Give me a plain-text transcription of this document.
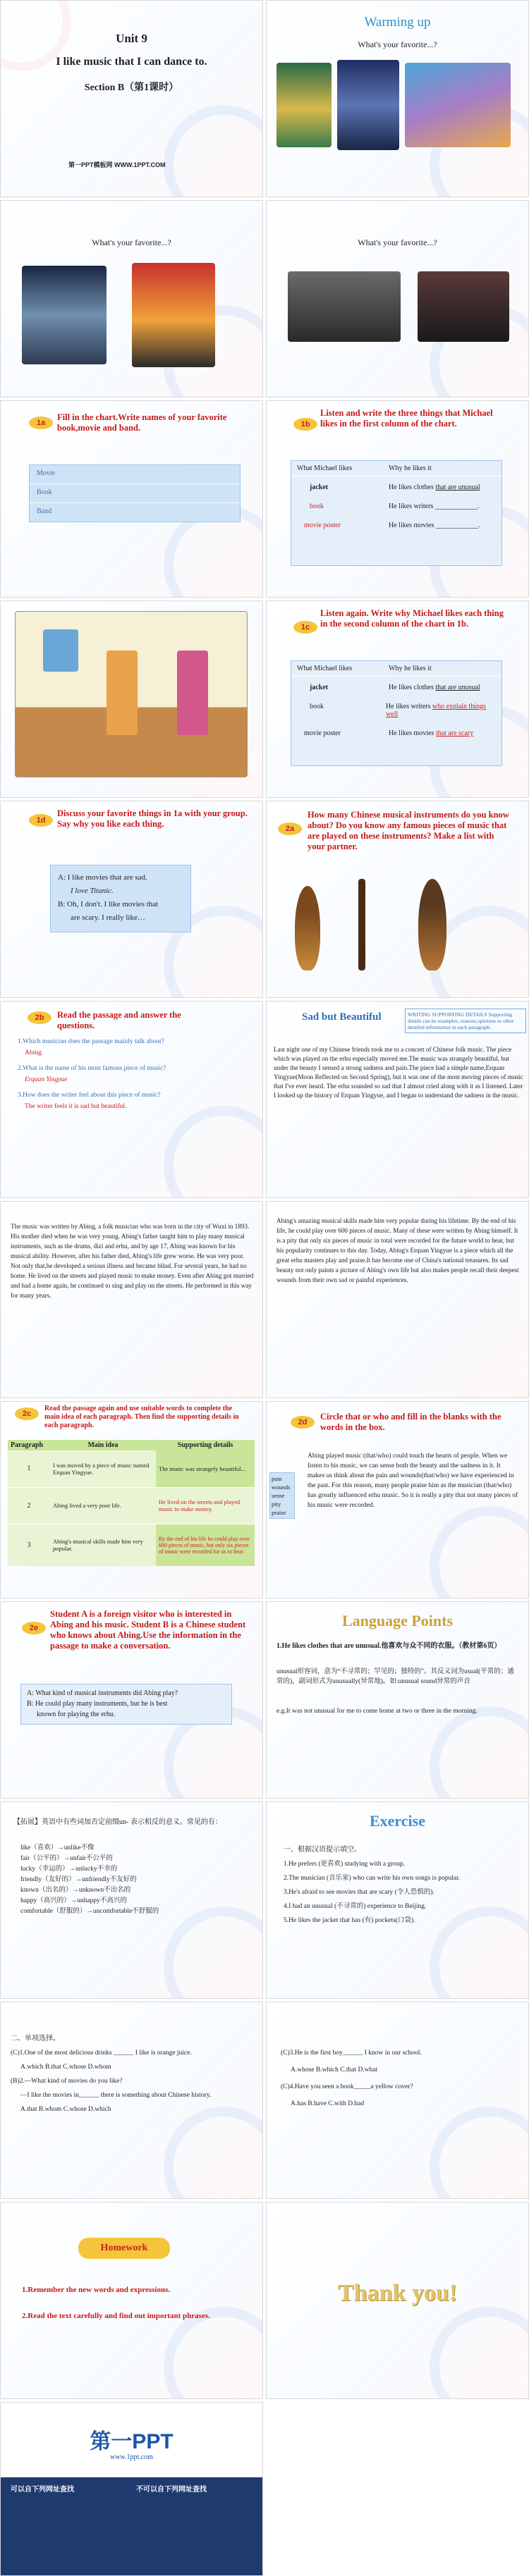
Unit 9
I like music that I can dance to.
Section B（第1课时）
第一PPT模板网 WWW.1PPT.COM
Warming up
What's your favorite...?
What's your favorite...?	What's your favorite...?
1a
Fill in the chart.Write names of your favorite book,movie and band.
Movie
Book
Band
1b
Listen and write the three things that Michael likes in the first column of the chart.
What Michael likes	Why he likes it
jacket	He likes clothes that are unusual
book	He likes writers ____________.
movie poster	He likes movies ____________.
1c
Listen again. Write why Michael likes each thing in the second column of the chart in 1b.
What Michael likes	Why he likes it
jacket	He likes clothes that are unusual
book	He likes writers who explain things well
movie poster	He likes movies that are scary
1d
Discuss your favorite things in 1a with your group. Say why you like each thing.
A: I like movies that are sad.
I love Titanic.
B: Oh, I don't. I like movies that
are scary. I really like…
2a
How many Chinese musical instruments do you know about? Do you know any famous pieces of music that are played on these instruments? Make a list with your partner.
2b	Read the passage and answer the questions.
1.Which musician does the passage mainly talk about?
Abing.
2.What is the name of his most famous piece of music?
Erquan Yingyue
3.How does the writer feel about this piece of music?
The writer feels it is sad but beautiful.
Sad but Beautiful	WRITING SUPPORTING DETAILS Supporting details can be examples, reasons,opinions or other detailed information in each paragraph.
Last night one of my Chinese friends took me to a concert of Chinese folk music. The piece which was played on the erhu especially moved me.The music was strangely beautiful, but under the beauty I sensed a strong sadness and pain.The piece had a simple name,Erquan Yingyue(Moon Reflected on Second Spring), but it was one of the most moving pieces of music that I've ever heard. The erhu sounded so sad that I almost cried along with it as I listened. Later I looked up the history of Erquan Yingyue, and I began to understand the sadness in the music.
The music was written by Abing, a folk musician who was born in the city of Wuxi in 1893. His mother died when he was very young. Abing's father taught him to play many musical instruments, such as the drums, dizi and erhu, and by age 17, Abing was known for his musical ability. However, after his father died, Abing's life grew worse. He was very poor. Not only that,he developed a serious illness and became blind. For several years, he had no home. He lived on the streets and played music to make money. Even after Abing got married and had a home again, he continued to sing and play on the streets. He performed in this way for many years.
Abing's amazing musical skills made him very popular during his lifetime. By the end of his life, he could play over 600 pieces of music. Many of these were written by Abing himself. It is a pity that only six pieces of music in total were recorded for the future world to hear, but his popularity continues to this day. Today, Abing's Erquan Yingyue is a piece which all the great erhu masters play and praise.It has become one of China's national treasures. Its sad beauty not only paints a picture of Abing's own life but also makes people recall their deepest wounds from their own sad or painful experiences.
2c
Read the passage again and use suitable words to complete the main idea of each paragraph. Then find the supporting details in each paragraph.
Paragraph	Main idea	Supporting details
1	I was moved by a piece of music named Erquan Yingyue.	The music was strangely beautiful...
2	Abing lived a very poor life.	He lived on the streets and played music to make money.
3	Abing's musical skills made him very popular.	By the end of his life he could play over 600 pieces of music, but only six pieces of music were recorded for us to hear.
2d
Circle that or who and fill in the blanks with the words in the box.
pain
wounds
sense
pity
praise
Abing played music (that/who) could touch the hearts of people. When we listen to his music, we can sense both the beauty and the sadness in it. It makes us think about the pain and wounds(that/who) we have experienced in the past. For this reason, many people praise him as the musician (that/who) has greatly influenced erhu music. So it is really a pity that not many pieces of his music were recorded.
2e
Student A is a foreign visitor who is interested in Abing and his music. Student B is a Chinese student who knows about Abing.Use the information in the passage to make a conversation.
A: What kind of musical instruments did Abing play?
B: He could play many instruments, but he is best
known for playing the erhu.
Language Points
1.He likes clothes that are unusual.他喜欢与众不同的衣服。（教材第6页）
unusual形容词，意为“不寻常的；罕见的；独特的”。其反义词为usual(平常的；通常的)，副词形式为unusually(异常地)。如:unusual sound异常的声音
e.g.It was not unusual for me to come home at two or three in the morning.
【拓展】英语中有些词加否定前缀un- 表示相反的意义。常见的有：
like（喜欢）→unlike不像
fair（公平的）→unfair不公平的
lucky（幸运的）→unlucky不幸的
friendly（友好的）→unfriendly不友好的
known（出名的）→unknown不出名的
happy（高兴的）→unhappy不高兴的
comfortable（舒服的）→uncomfortable不舒服的
Exercise
一、根据汉语提示填空。
1.He prefers (更喜欢) studying with a group.
2.The musician (音乐家) who can write his own songs is popular.
3.He's afraid to see movies that are scary (令人恐惧的).
4.I had an unusual (不寻常的) experience to Beijing.
5.He likes the jacket that has (有) pockets(口袋).
二、单项选择。
(C)1.One of the most delicious drinks ______ I like is orange juice.
A.which B.that C.whose D.whom
(B)2.—What kind of movies do you like?
—I like the movies in______ there is something about Chinese history.
A.that B.whom C.whose D.which
(C)3.He is the first boy______ I know in our school.
A.whose B.which C.that D.what
(C)4.Have you seen a book_____a yellow cover?
A.has B.have C.with D.had
Homework
1.Remember the new words and expressions.
2.Read the text carefully and find out important phrases.
Thank you!
第一PPT
www.1ppt.com
可以自下列网址查找	不可以自下列网址查找
